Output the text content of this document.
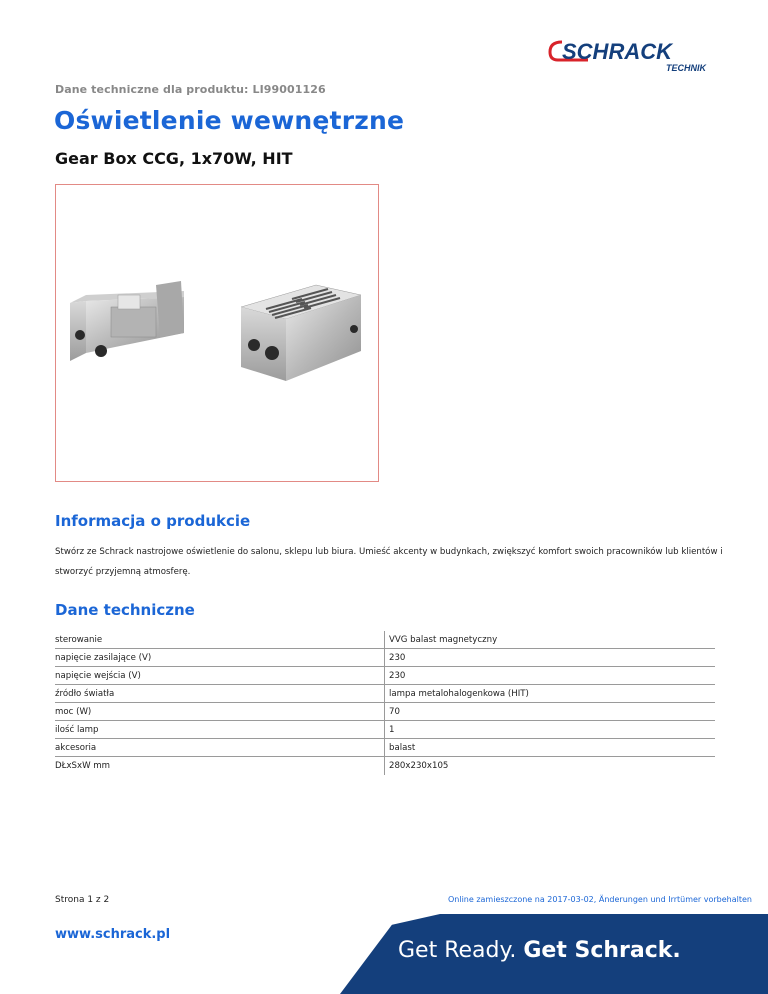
SCHRACK
TECHNIK
Dane techniczne dla produktu: LI99001126
Oświetlenie wewnętrzne
Gear Box CCG, 1x70W, HIT
Informacja o produkcie

Stwórz ze Schrack nastrojowe oświetlenie do salonu, sklepu lub biura. Umieść akcenty w budynkach, zwiększyć komfort swoich pracowników lub klientów i stworzyć przyjemną atmosferę.

Dane techniczne
sterowanie	VVG balast magnetyczny
napięcie zasilające (V)	230
napięcie wejścia (V)	230
źródło światła	lampa metalohalogenkowa (HIT)
moc (W)	70
ilość lamp	1
akcesoria	balast
DŁxSxW mm	280x230x105
Strona 1 z 2	Online zamieszczone na 2017-03-02, Änderungen und Irrtümer vorbehalten
www.schrack.pl
Get Ready. Get Schrack.
